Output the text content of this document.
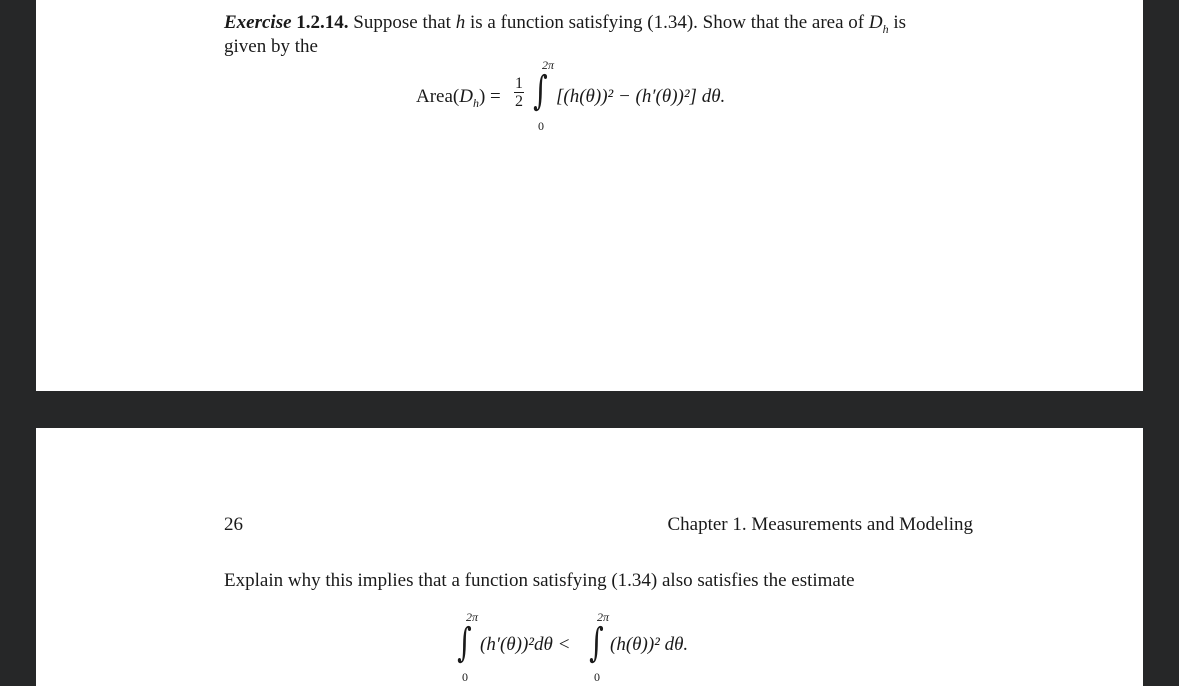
Exercise 1.2.14. Suppose that h is a function satisfying (1.34). Show that the area of $D_h$ is
given by the
$Area(D_h) = \frac{1}{2}$
2π
∫
0
[(h(θ))² − (h′(θ))²] dθ.
26	Chapter 1. Measurements and Modeling
Explain why this implies that a function satisfying (1.34) also satisfies the estimate
2π
∫
0
(h′(θ))²dθ <
2π
∫
0
(h(θ))² dθ.
